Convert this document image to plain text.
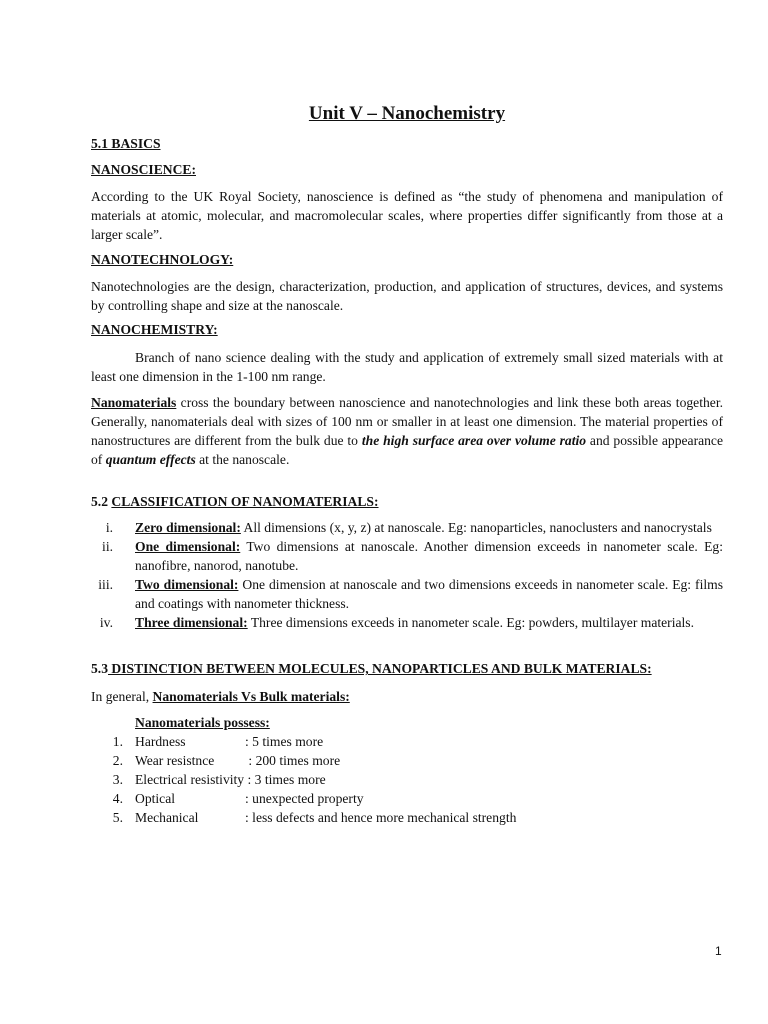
Unit V – Nanochemistry
5.1 BASICS
NANOSCIENCE:

According to the UK Royal Society, nanoscience is defined as “the study of phenomena and manipulation of materials at atomic, molecular, and macromolecular scales, where properties differ significantly from those at a larger scale”.

NANOTECHNOLOGY:

Nanotechnologies are the design, characterization, production, and application of structures, devices, and systems by controlling shape and size at the nanoscale.

NANOCHEMISTRY:

Branch of nano science dealing with the study and application of extremely small sized materials with at least one dimension in the 1-100 nm range.

Nanomaterials cross the boundary between nanoscience and nanotechnologies and link these both areas together. Generally, nanomaterials deal with sizes of 100 nm or smaller in at least one dimension. The material properties of nanostructures are different from the bulk due to the high surface area over volume ratio and possible appearance of quantum effects at the nanoscale.

5.2 CLASSIFICATION OF NANOMATERIALS:
i. Zero dimensional: All dimensions (x, y, z) at nanoscale. Eg: nanoparticles, nanoclusters and nanocrystals
ii. One dimensional: Two dimensions at nanoscale. Another dimension exceeds in nanometer scale. Eg: nanofibre, nanorod, nanotube.
iii. Two dimensional: One dimension at nanoscale and two dimensions exceeds in nanometer scale. Eg: films and coatings with nanometer thickness.
iv. Three dimensional: Three dimensions exceeds in nanometer scale. Eg: powders, multilayer materials.
5.3 DISTINCTION BETWEEN MOLECULES, NANOPARTICLES AND BULK MATERIALS:

In general, Nanomaterials Vs Bulk materials:

Nanomaterials possess:
1. Hardness	: 5 times more
2. Wear resistnce : 200 times more
3. Electrical resistivity : 3 times more
4. Optical	: unexpected property
5. Mechanical	: less defects and hence more mechanical strength
1
